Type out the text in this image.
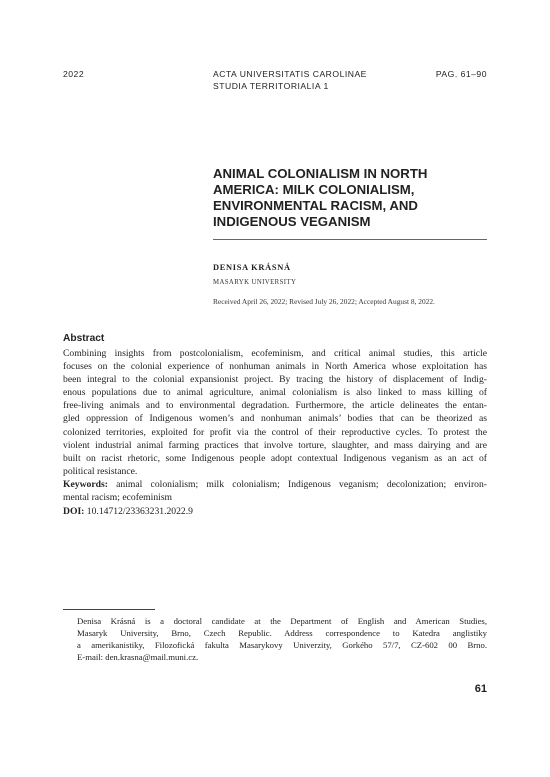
2022	ACTA UNIVERSITATIS CAROLINAE
STUDIA TERRITORIALIA 1
PAG. 61–90
ANIMAL COLONIALISM IN NORTH
AMERICA: MILK COLONIALISM,
ENVIRONMENTAL RACISM, AND
INDIGENOUS VEGANISM
DENISA KRÁSNÁ
MASARYK UNIVERSITY
Received April 26, 2022; Revised July 26, 2022; Accepted August 8, 2022.
Abstract
Combining insights from postcolonialism, ecofeminism, and critical animal studies, this article
focuses on the colonial experience of nonhuman animals in North America whose exploitation has
been integral to the colonial expansionist project. By tracing the history of displacement of Indig-
enous populations due to animal agriculture, animal colonialism is also linked to mass killing of
free-living animals and to environmental degradation. Furthermore, the article delineates the entan-
gled oppression of Indigenous women’s and nonhuman animals’ bodies that can be theorized as
colonized territories, exploited for profit via the control of their reproductive cycles. To protest the
violent industrial animal farming practices that involve torture, slaughter, and mass dairying and are
built on racist rhetoric, some Indigenous people adopt contextual Indigenous veganism as an act of
political resistance.
Keywords: animal colonialism; milk colonialism; Indigenous veganism; decolonization; environ-
mental racism; ecofeminism
DOI: 10.14712/23363231.2022.9
Denisa Krásná is a doctoral candidate at the Department of English and American Studies,
Masaryk University, Brno, Czech Republic. Address correspondence to Katedra anglistiky
a amerikanistiky, Filozofická fakulta Masarykovy Univerzity, Gorkého 57/7, CZ-602 00 Brno.
E-mail: den.krasna@mail.muni.cz.
61
